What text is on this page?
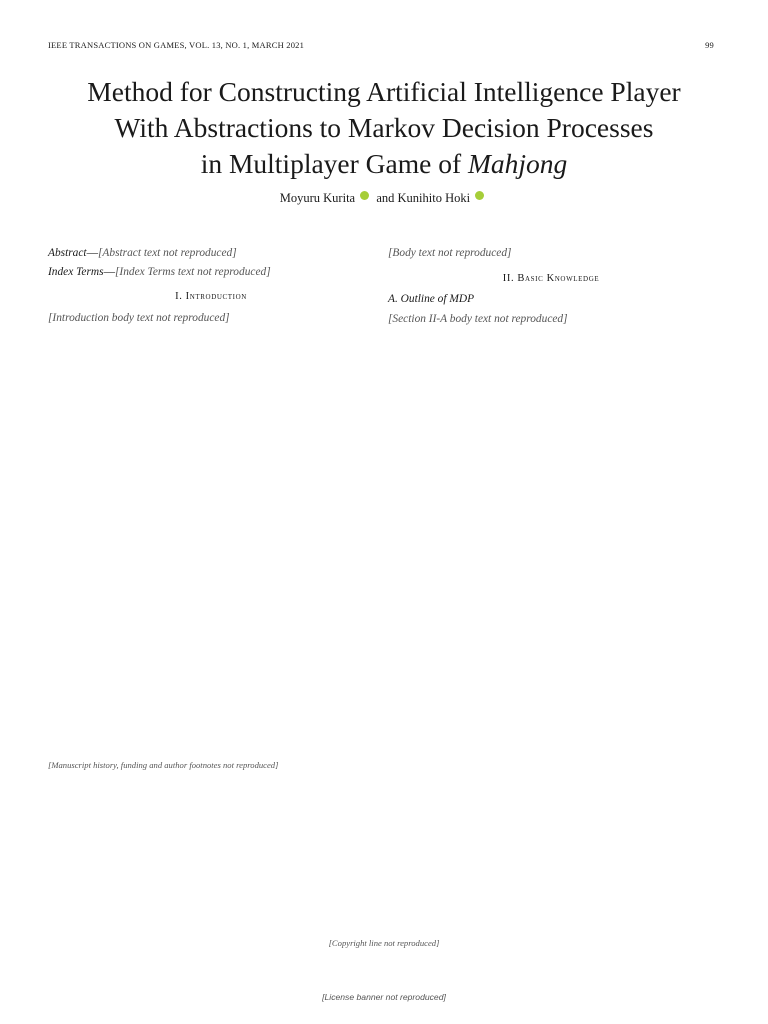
IEEE TRANSACTIONS ON GAMES, VOL. 13, NO. 1, MARCH 2021	99
Method for Constructing Artificial Intelligence Player
With Abstractions to Markov Decision Processes
in Multiplayer Game of Mahjong
Moyuru Kurita and Kunihito Hoki

Abstract—[Abstract text not reproduced]

Index Terms—[Index Terms text not reproduced]

I. Introduction

[Introduction body text not reproduced]

[Body text not reproduced]

II. Basic Knowledge
A. Outline of MDP

[Section II-A body text not reproduced]

[Manuscript history, funding and author footnotes not reproduced]

[Copyright line not reproduced]

[License banner not reproduced]
